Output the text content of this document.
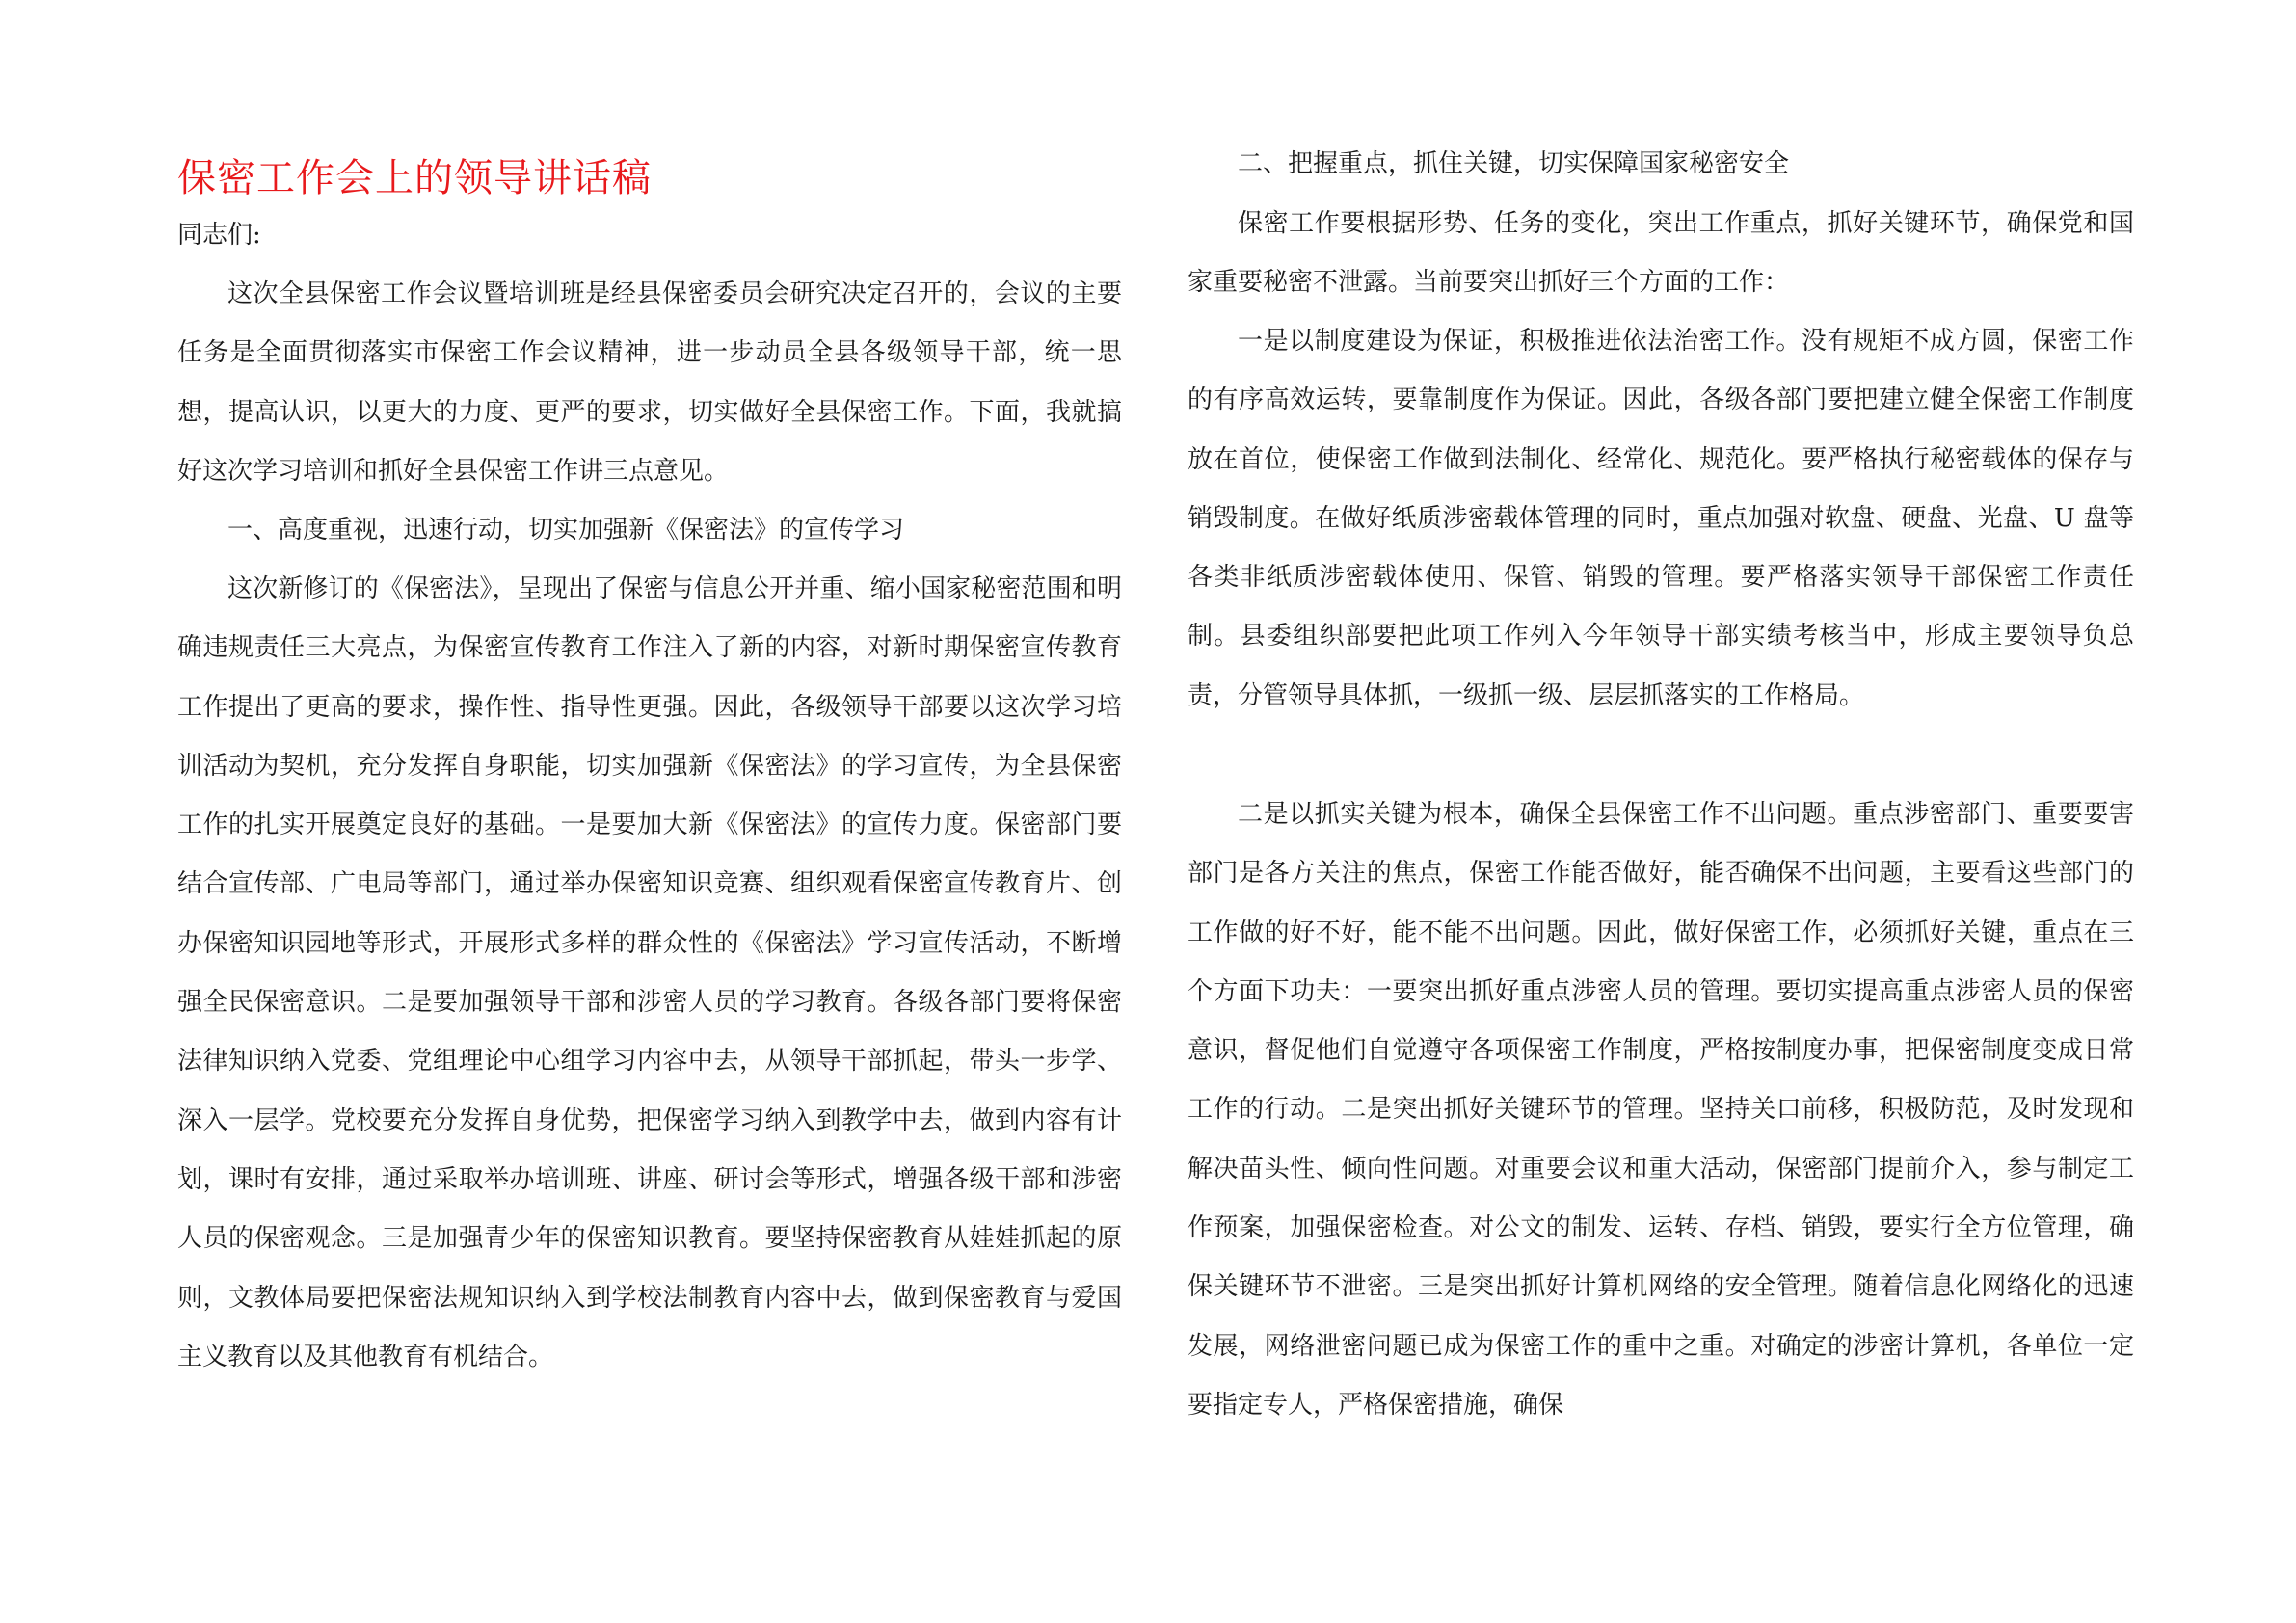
保密工作会上的领导讲话稿

同志们:

这次全县保密工作会议暨培训班是经县保密委员会研究决定召开的，会议的主要任务是全面贯彻落实市保密工作会议精神，进一步动员全县各级领导干部，统一思想，提高认识，以更大的力度、更严的要求，切实做好全县保密工作。下面，我就搞好这次学习培训和抓好全县保密工作讲三点意见。

一、高度重视，迅速行动，切实加强新《保密法》的宣传学习

这次新修订的《保密法》，呈现出了保密与信息公开并重、缩小国家秘密范围和明确违规责任三大亮点，为保密宣传教育工作注入了新的内容，对新时期保密宣传教育工作提出了更高的要求，操作性、指导性更强。因此，各级领导干部要以这次学习培训活动为契机，充分发挥自身职能，切实加强新《保密法》的学习宣传，为全县保密工作的扎实开展奠定良好的基础。一是要加大新《保密法》的宣传力度。保密部门要结合宣传部、广电局等部门，通过举办保密知识竞赛、组织观看保密宣传教育片、创办保密知识园地等形式，开展形式多样的群众性的《保密法》学习宣传活动，不断增强全民保密意识。二是要加强领导干部和涉密人员的学习教育。各级各部门要将保密法律知识纳入党委、党组理论中心组学习内容中去，从领导干部抓起，带头一步学、深入一层学。党校要充分发挥自身优势，把保密学习纳入到教学中去，做到内容有计划，课时有安排，通过采取举办培训班、讲座、研讨会等形式，增强各级干部和涉密人员的保密观念。三是加强青少年的保密知识教育。要坚持保密教育从娃娃抓起的原则，文教体局要把保密法规知识纳入到学校法制教育内容中去，做到保密教育与爱国主义教育以及其他教育有机结合。

二、把握重点，抓住关键，切实保障国家秘密安全

保密工作要根据形势、任务的变化，突出工作重点，抓好关键环节，确保党和国家重要秘密不泄露。当前要突出抓好三个方面的工作：

一是以制度建设为保证，积极推进依法治密工作。没有规矩不成方圆，保密工作的有序高效运转，要靠制度作为保证。因此，各级各部门要把建立健全保密工作制度放在首位，使保密工作做到法制化、经常化、规范化。要严格执行秘密载体的保存与销毁制度。在做好纸质涉密载体管理的同时，重点加强对软盘、硬盘、光盘、U 盘等各类非纸质涉密载体使用、保管、销毁的管理。要严格落实领导干部保密工作责任制。县委组织部要把此项工作列入今年领导干部实绩考核当中，形成主要领导负总责，分管领导具体抓，一级抓一级、层层抓落实的工作格局。

二是以抓实关键为根本，确保全县保密工作不出问题。重点涉密部门、重要要害部门是各方关注的焦点，保密工作能否做好，能否确保不出问题，主要看这些部门的工作做的好不好，能不能不出问题。因此，做好保密工作，必须抓好关键，重点在三个方面下功夫：一要突出抓好重点涉密人员的管理。要切实提高重点涉密人员的保密意识，督促他们自觉遵守各项保密工作制度，严格按制度办事，把保密制度变成日常工作的行动。二是突出抓好关键环节的管理。坚持关口前移，积极防范，及时发现和解决苗头性、倾向性问题。对重要会议和重大活动，保密部门提前介入，参与制定工作预案，加强保密检查。对公文的制发、运转、存档、销毁，要实行全方位管理，确保关键环节不泄密。三是突出抓好计算机网络的安全管理。随着信息化网络化的迅速发展，网络泄密问题已成为保密工作的重中之重。对确定的涉密计算机，各单位一定要指定专人，严格保密措施，确保
